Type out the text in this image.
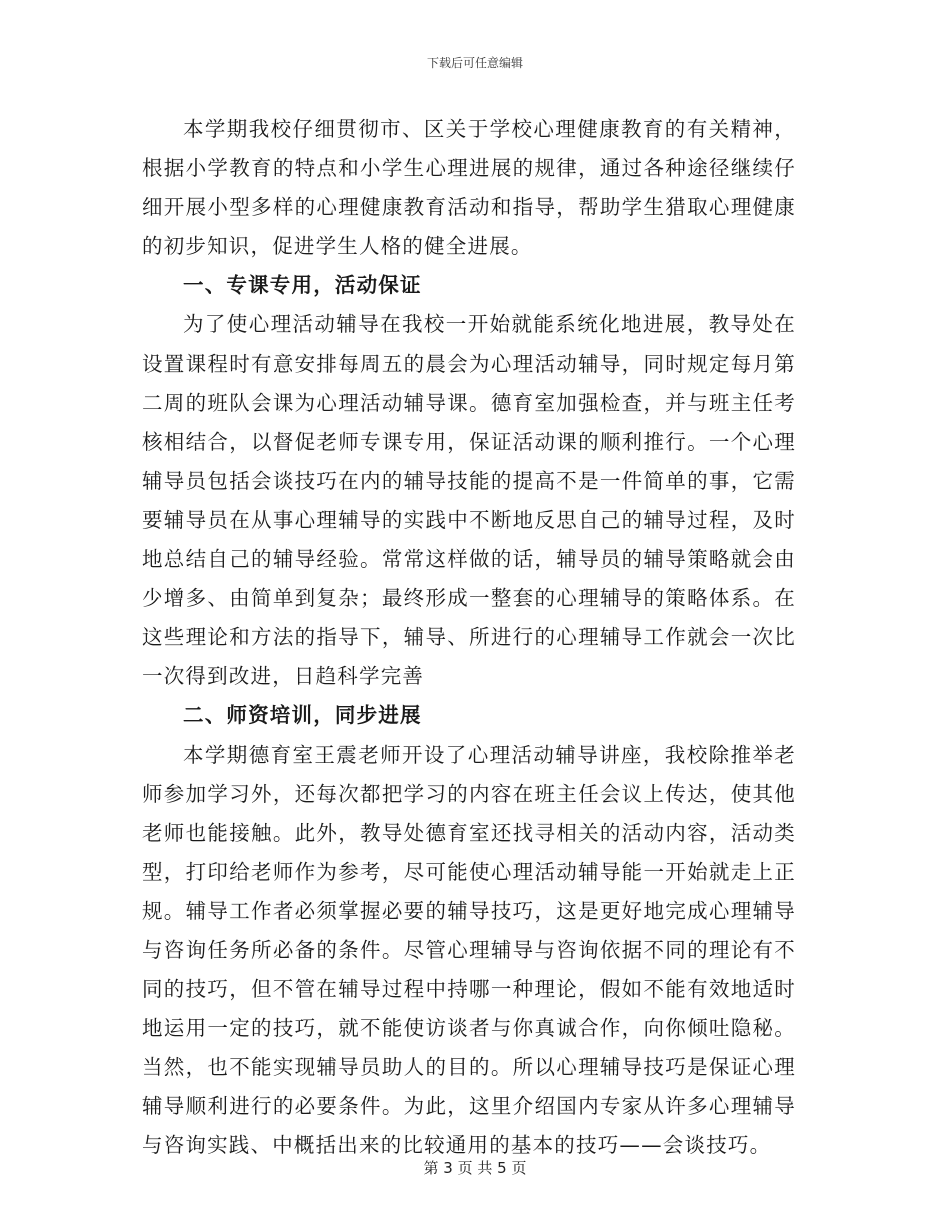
下载后可任意编辑

本学期我校仔细贯彻市、区关于学校心理健康教育的有关精神，根据小学教育的特点和小学生心理进展的规律，通过各种途径继续仔细开展小型多样的心理健康教育活动和指导，帮助学生猎取心理健康的初步知识，促进学生人格的健全进展。

一、专课专用，活动保证

为了使心理活动辅导在我校一开始就能系统化地进展，教导处在设置课程时有意安排每周五的晨会为心理活动辅导，同时规定每月第二周的班队会课为心理活动辅导课。德育室加强检查，并与班主任考核相结合，以督促老师专课专用，保证活动课的顺利推行。一个心理辅导员包括会谈技巧在内的辅导技能的提高不是一件简单的事，它需要辅导员在从事心理辅导的实践中不断地反思自己的辅导过程，及时地总结自己的辅导经验。常常这样做的话，辅导员的辅导策略就会由少增多、由简单到复杂；最终形成一整套的心理辅导的策略体系。在这些理论和方法的指导下，辅导、所进行的心理辅导工作就会一次比一次得到改进，日趋科学完善

二、师资培训，同步进展

本学期德育室王震老师开设了心理活动辅导讲座，我校除推举老师参加学习外，还每次都把学习的内容在班主任会议上传达，使其他老师也能接触。此外，教导处德育室还找寻相关的活动内容，活动类型，打印给老师作为参考，尽可能使心理活动辅导能一开始就走上正规。辅导工作者必须掌握必要的辅导技巧，这是更好地完成心理辅导与咨询任务所必备的条件。尽管心理辅导与咨询依据不同的理论有不同的技巧，但不管在辅导过程中持哪一种理论，假如不能有效地适时地运用一定的技巧，就不能使访谈者与你真诚合作，向你倾吐隐秘。当然，也不能实现辅导员助人的目的。所以心理辅导技巧是保证心理辅导顺利进行的必要条件。为此，这里介绍国内专家从许多心理辅导与咨询实践、中概括出来的比较通用的基本的技巧——会谈技巧。

第 3 页 共 5 页
